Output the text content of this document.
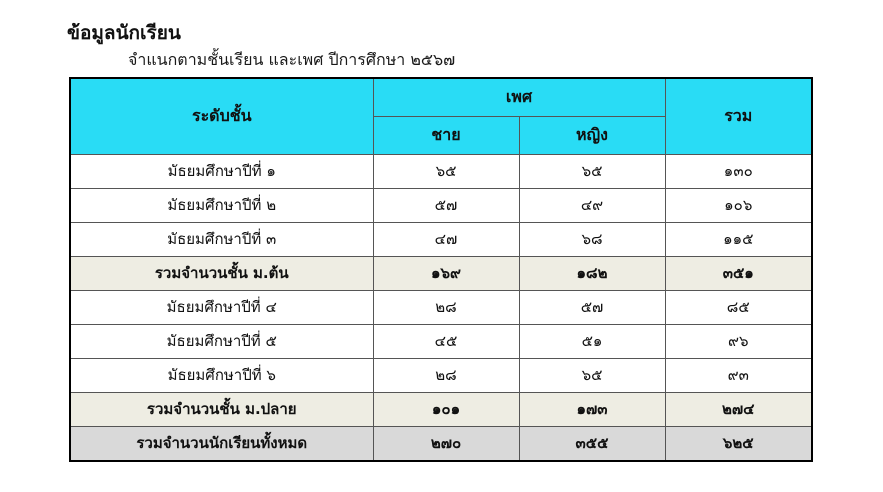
ข้อมูลนักเรียน

จำแนกตามชั้นเรียน และเพศ ปีการศึกษา ๒๕๖๗

ระดับชั้น	เพศ		รวม
	ชาย	หญิง	
มัธยมศึกษาปีที่ ๑	๖๕	๖๕	๑๓๐
มัธยมศึกษาปีที่ ๒	๕๗	๔๙	๑๐๖
มัธยมศึกษาปีที่ ๓	๔๗	๖๘	๑๑๕
รวมจำนวนชั้น ม.ต้น	๑๖๙	๑๘๒	๓๕๑
มัธยมศึกษาปีที่ ๔	๒๘	๕๗	๘๕
มัธยมศึกษาปีที่ ๕	๔๕	๕๑	๙๖
มัธยมศึกษาปีที่ ๖	๒๘	๖๕	๙๓
รวมจำนวนชั้น ม.ปลาย	๑๐๑	๑๗๓	๒๗๔
รวมจำนวนนักเรียนทั้งหมด	๒๗๐	๓๕๕	๖๒๕
